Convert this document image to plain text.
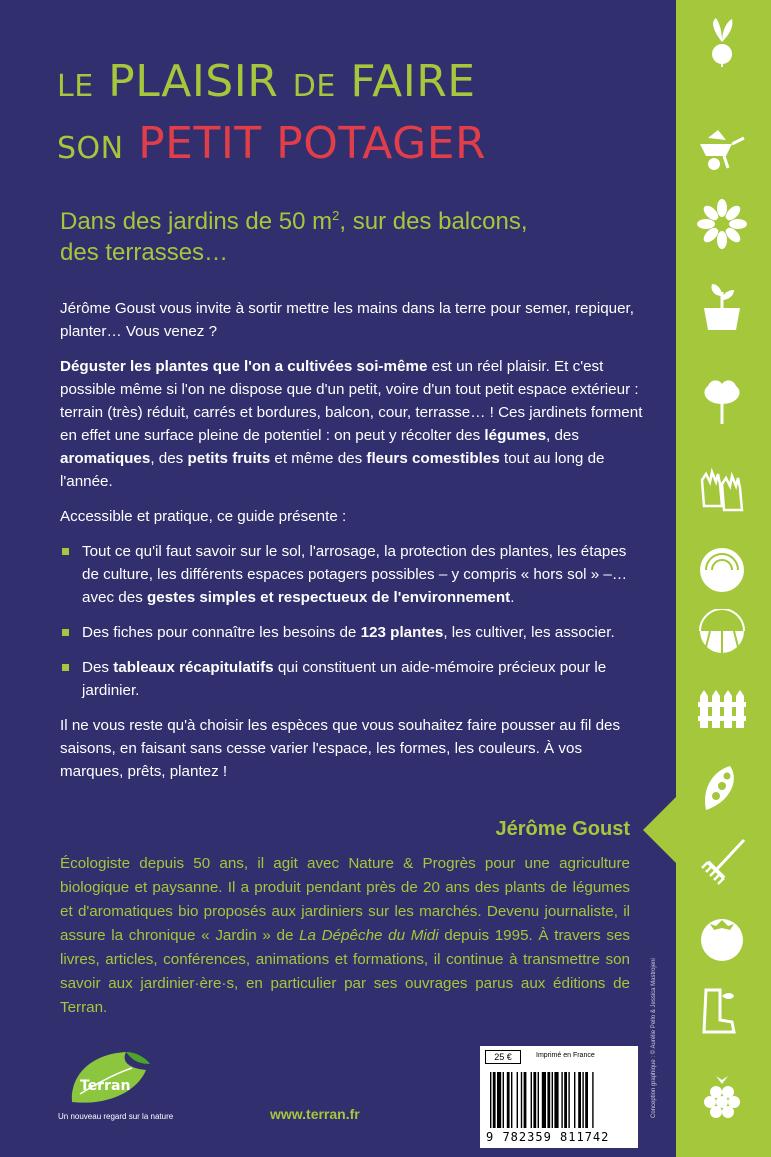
LE PLAISIR DE FAIRE
SON PETIT POTAGER
Dans des jardins de 50 $m^2$, sur des balcons,
des terrasses…

Jérôme Goust vous invite à sortir mettre les mains dans la terre pour semer, repiquer, planter… Vous venez ?

Déguster les plantes que l'on a cultivées soi-même est un réel plaisir. Et c'est possible même si l'on ne dispose que d'un petit, voire d'un tout petit espace extérieur : terrain (très) réduit, carrés et bordures, balcon, cour, terrasse… ! Ces jardinets forment en effet une surface pleine de potentiel : on peut y récolter des légumes, des aromatiques, des petits fruits et même des fleurs comestibles tout au long de l'année.

Accessible et pratique, ce guide présente :

Tout ce qu'il faut savoir sur le sol, l'arrosage, la protection des plantes, les étapes de culture, les différents espaces potagers possibles – y compris « hors sol » –… avec des gestes simples et respectueux de l'environnement.
Des fiches pour connaître les besoins de 123 plantes, les cultiver, les associer.
Des tableaux récapitulatifs qui constituent un aide-mémoire précieux pour le jardinier.

Il ne vous reste qu'à choisir les espèces que vous souhaitez faire pousser au fil des saisons, en faisant sans cesse varier l'espace, les formes, les couleurs. À vos marques, prêts, plantez !

Jérôme Goust
Écologiste depuis 50 ans, il agit avec Nature & Progrès pour une agriculture biologique et paysanne. Il a produit pendant près de 20 ans des plants de légumes et d'aromatiques bio proposés aux jardiniers sur les marchés. Devenu journaliste, il assure la chronique « Jardin » de La Dépêche du Midi depuis 1995. À travers ses livres, articles, conférences, animations et formations, il continue à transmettre son savoir aux jardinier·ère·s, en particulier par ses ouvrages parus aux éditions de Terran.
Terran
Un nouveau regard sur la nature	www.terran.fr
25 €	Imprimé en France
9 782359 811742
Conception graphique : © Aurélie Pello & Jessica Mastrojeni
